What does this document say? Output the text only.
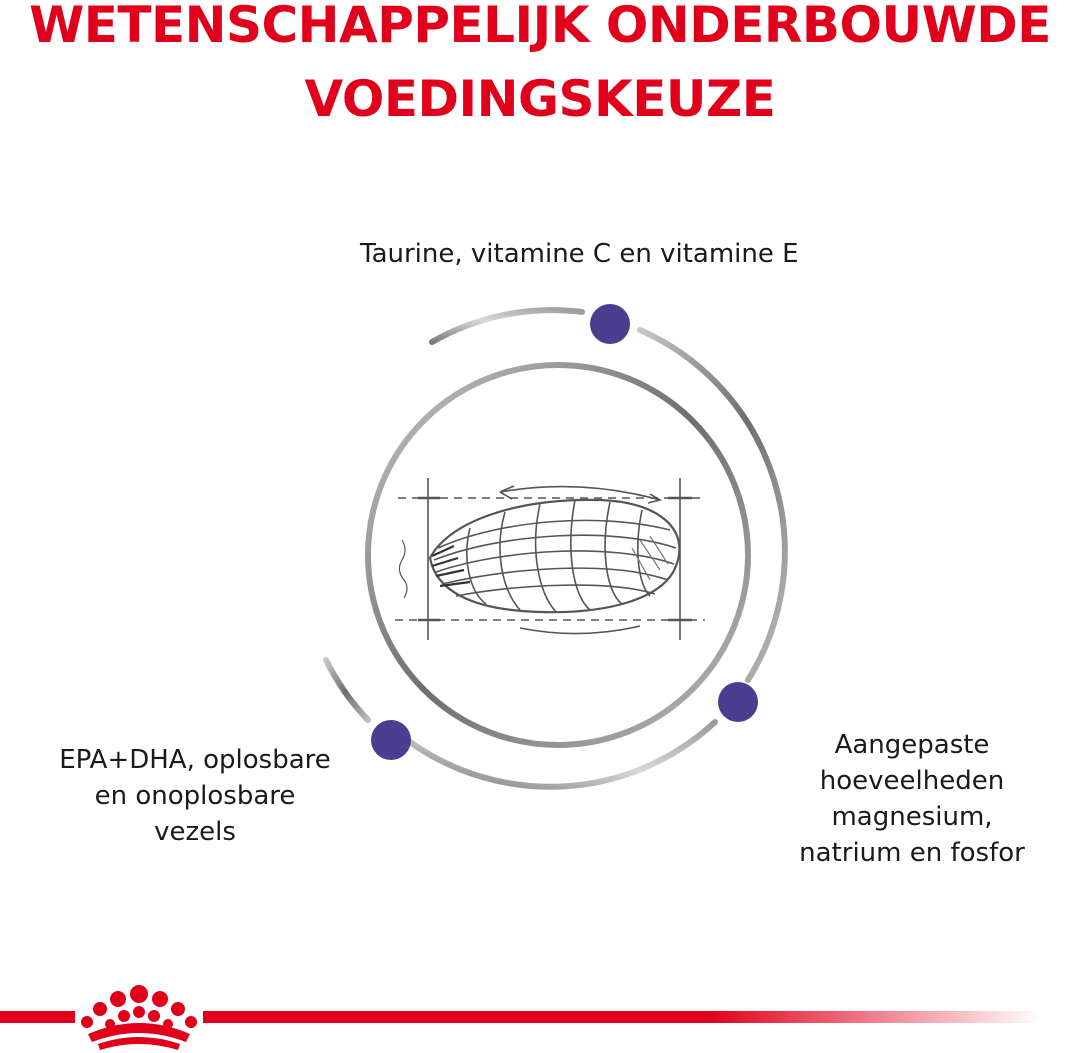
WETENSCHAPPELIJK ONDERBOUWDE
VOEDINGSKEUZE
Taurine, vitamine C en vitamine E
EPA+DHA, oplosbare
en onoplosbare
vezels
Aangepaste
hoeveelheden
magnesium,
natrium en fosfor
